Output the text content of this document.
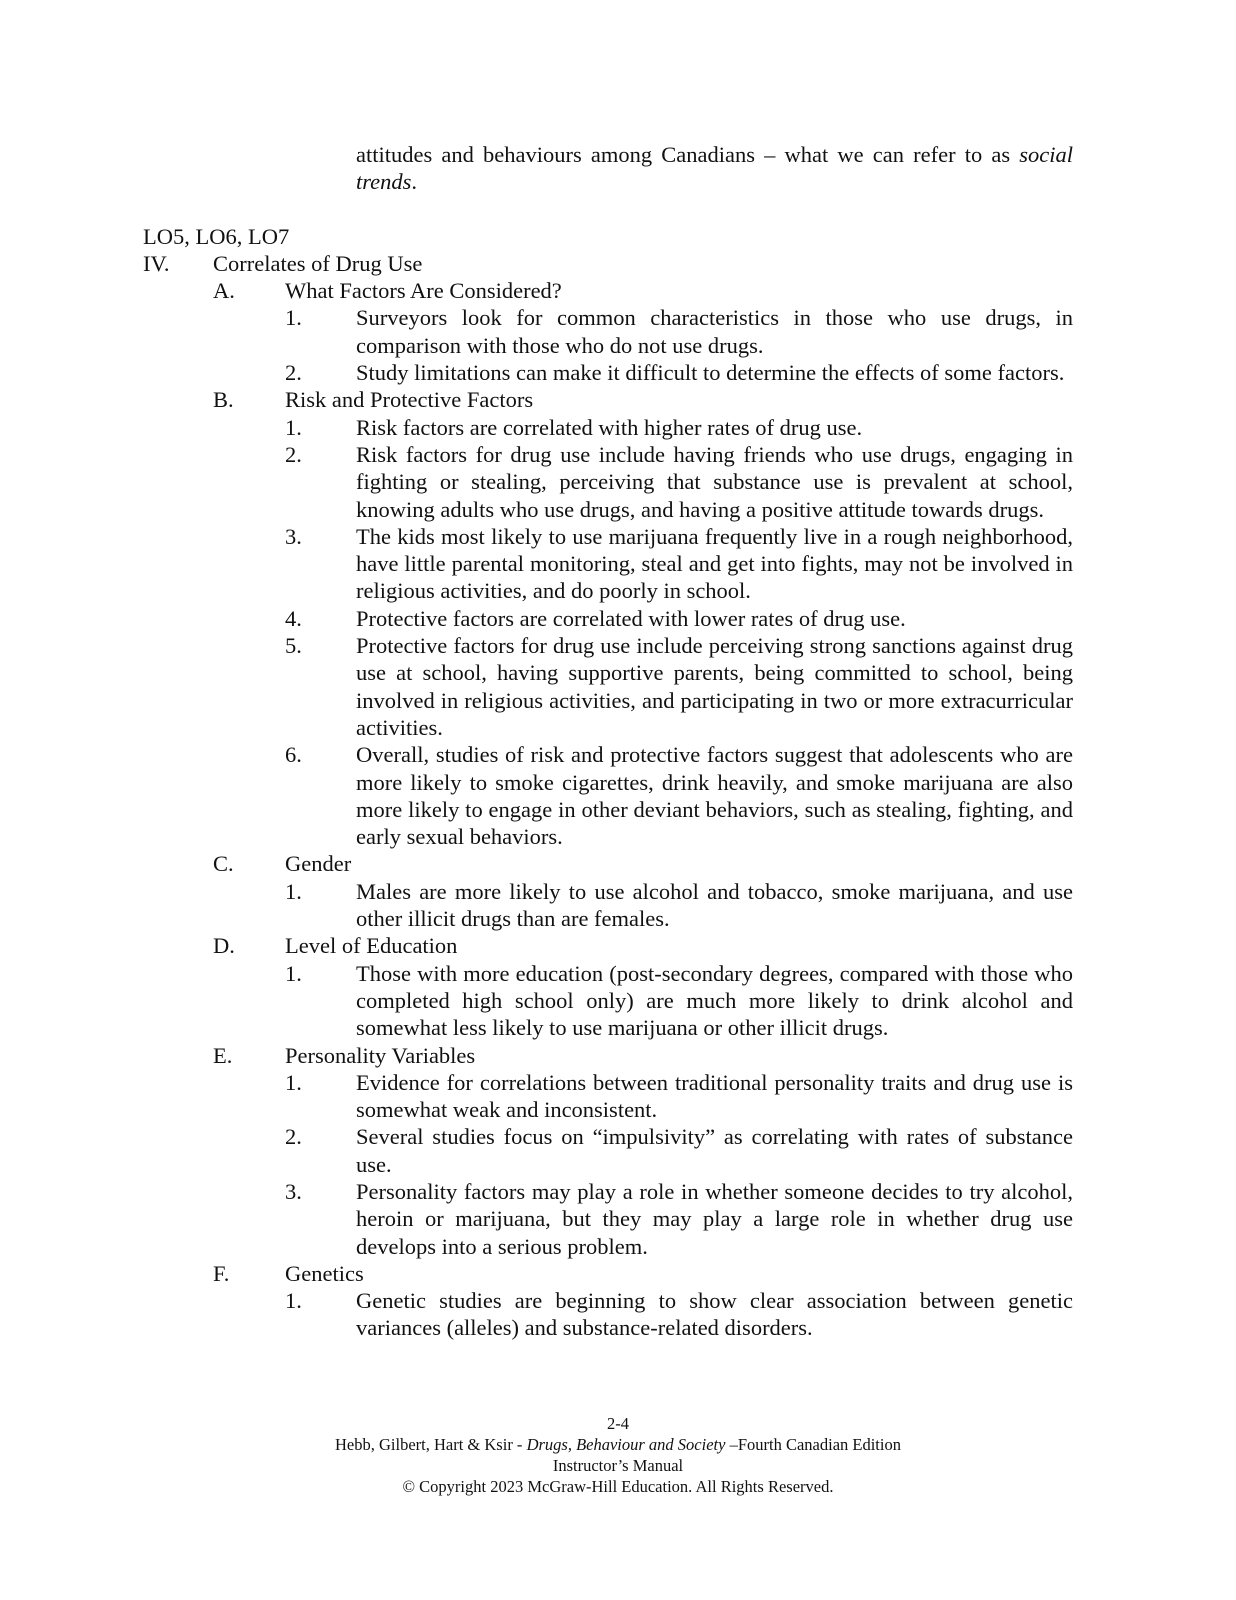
attitudes and behaviours among Canadians – what we can refer to as social trends.

LO5, LO6, LO7
IV. Correlates of Drug Use
A. What Factors Are Considered?
1. Surveyors look for common characteristics in those who use drugs, in comparison with those who do not use drugs.
2. Study limitations can make it difficult to determine the effects of some factors.
B. Risk and Protective Factors
1. Risk factors are correlated with higher rates of drug use.
2. Risk factors for drug use include having friends who use drugs, engaging in fighting or stealing, perceiving that substance use is prevalent at school, knowing adults who use drugs, and having a positive attitude towards drugs.
3. The kids most likely to use marijuana frequently live in a rough neighborhood, have little parental monitoring, steal and get into fights, may not be involved in religious activities, and do poorly in school.
4. Protective factors are correlated with lower rates of drug use.
5. Protective factors for drug use include perceiving strong sanctions against drug use at school, having supportive parents, being committed to school, being involved in religious activities, and participating in two or more extracurricular activities.
6. Overall, studies of risk and protective factors suggest that adolescents who are more likely to smoke cigarettes, drink heavily, and smoke marijuana are also more likely to engage in other deviant behaviors, such as stealing, fighting, and early sexual behaviors.
C. Gender
1. Males are more likely to use alcohol and tobacco, smoke marijuana, and use other illicit drugs than are females.
D. Level of Education
1. Those with more education (post-secondary degrees, compared with those who completed high school only) are much more likely to drink alcohol and somewhat less likely to use marijuana or other illicit drugs.
E. Personality Variables
1. Evidence for correlations between traditional personality traits and drug use is somewhat weak and inconsistent.
2. Several studies focus on “impulsivity” as correlating with rates of substance use.
3. Personality factors may play a role in whether someone decides to try alcohol, heroin or marijuana, but they may play a large role in whether drug use develops into a serious problem.
F. Genetics
1. Genetic studies are beginning to show clear association between genetic variances (alleles) and substance-related disorders.
2-4
Hebb, Gilbert, Hart & Ksir - Drugs, Behaviour and Society –Fourth Canadian Edition
Instructor’s Manual
© Copyright 2023 McGraw-Hill Education. All Rights Reserved.
